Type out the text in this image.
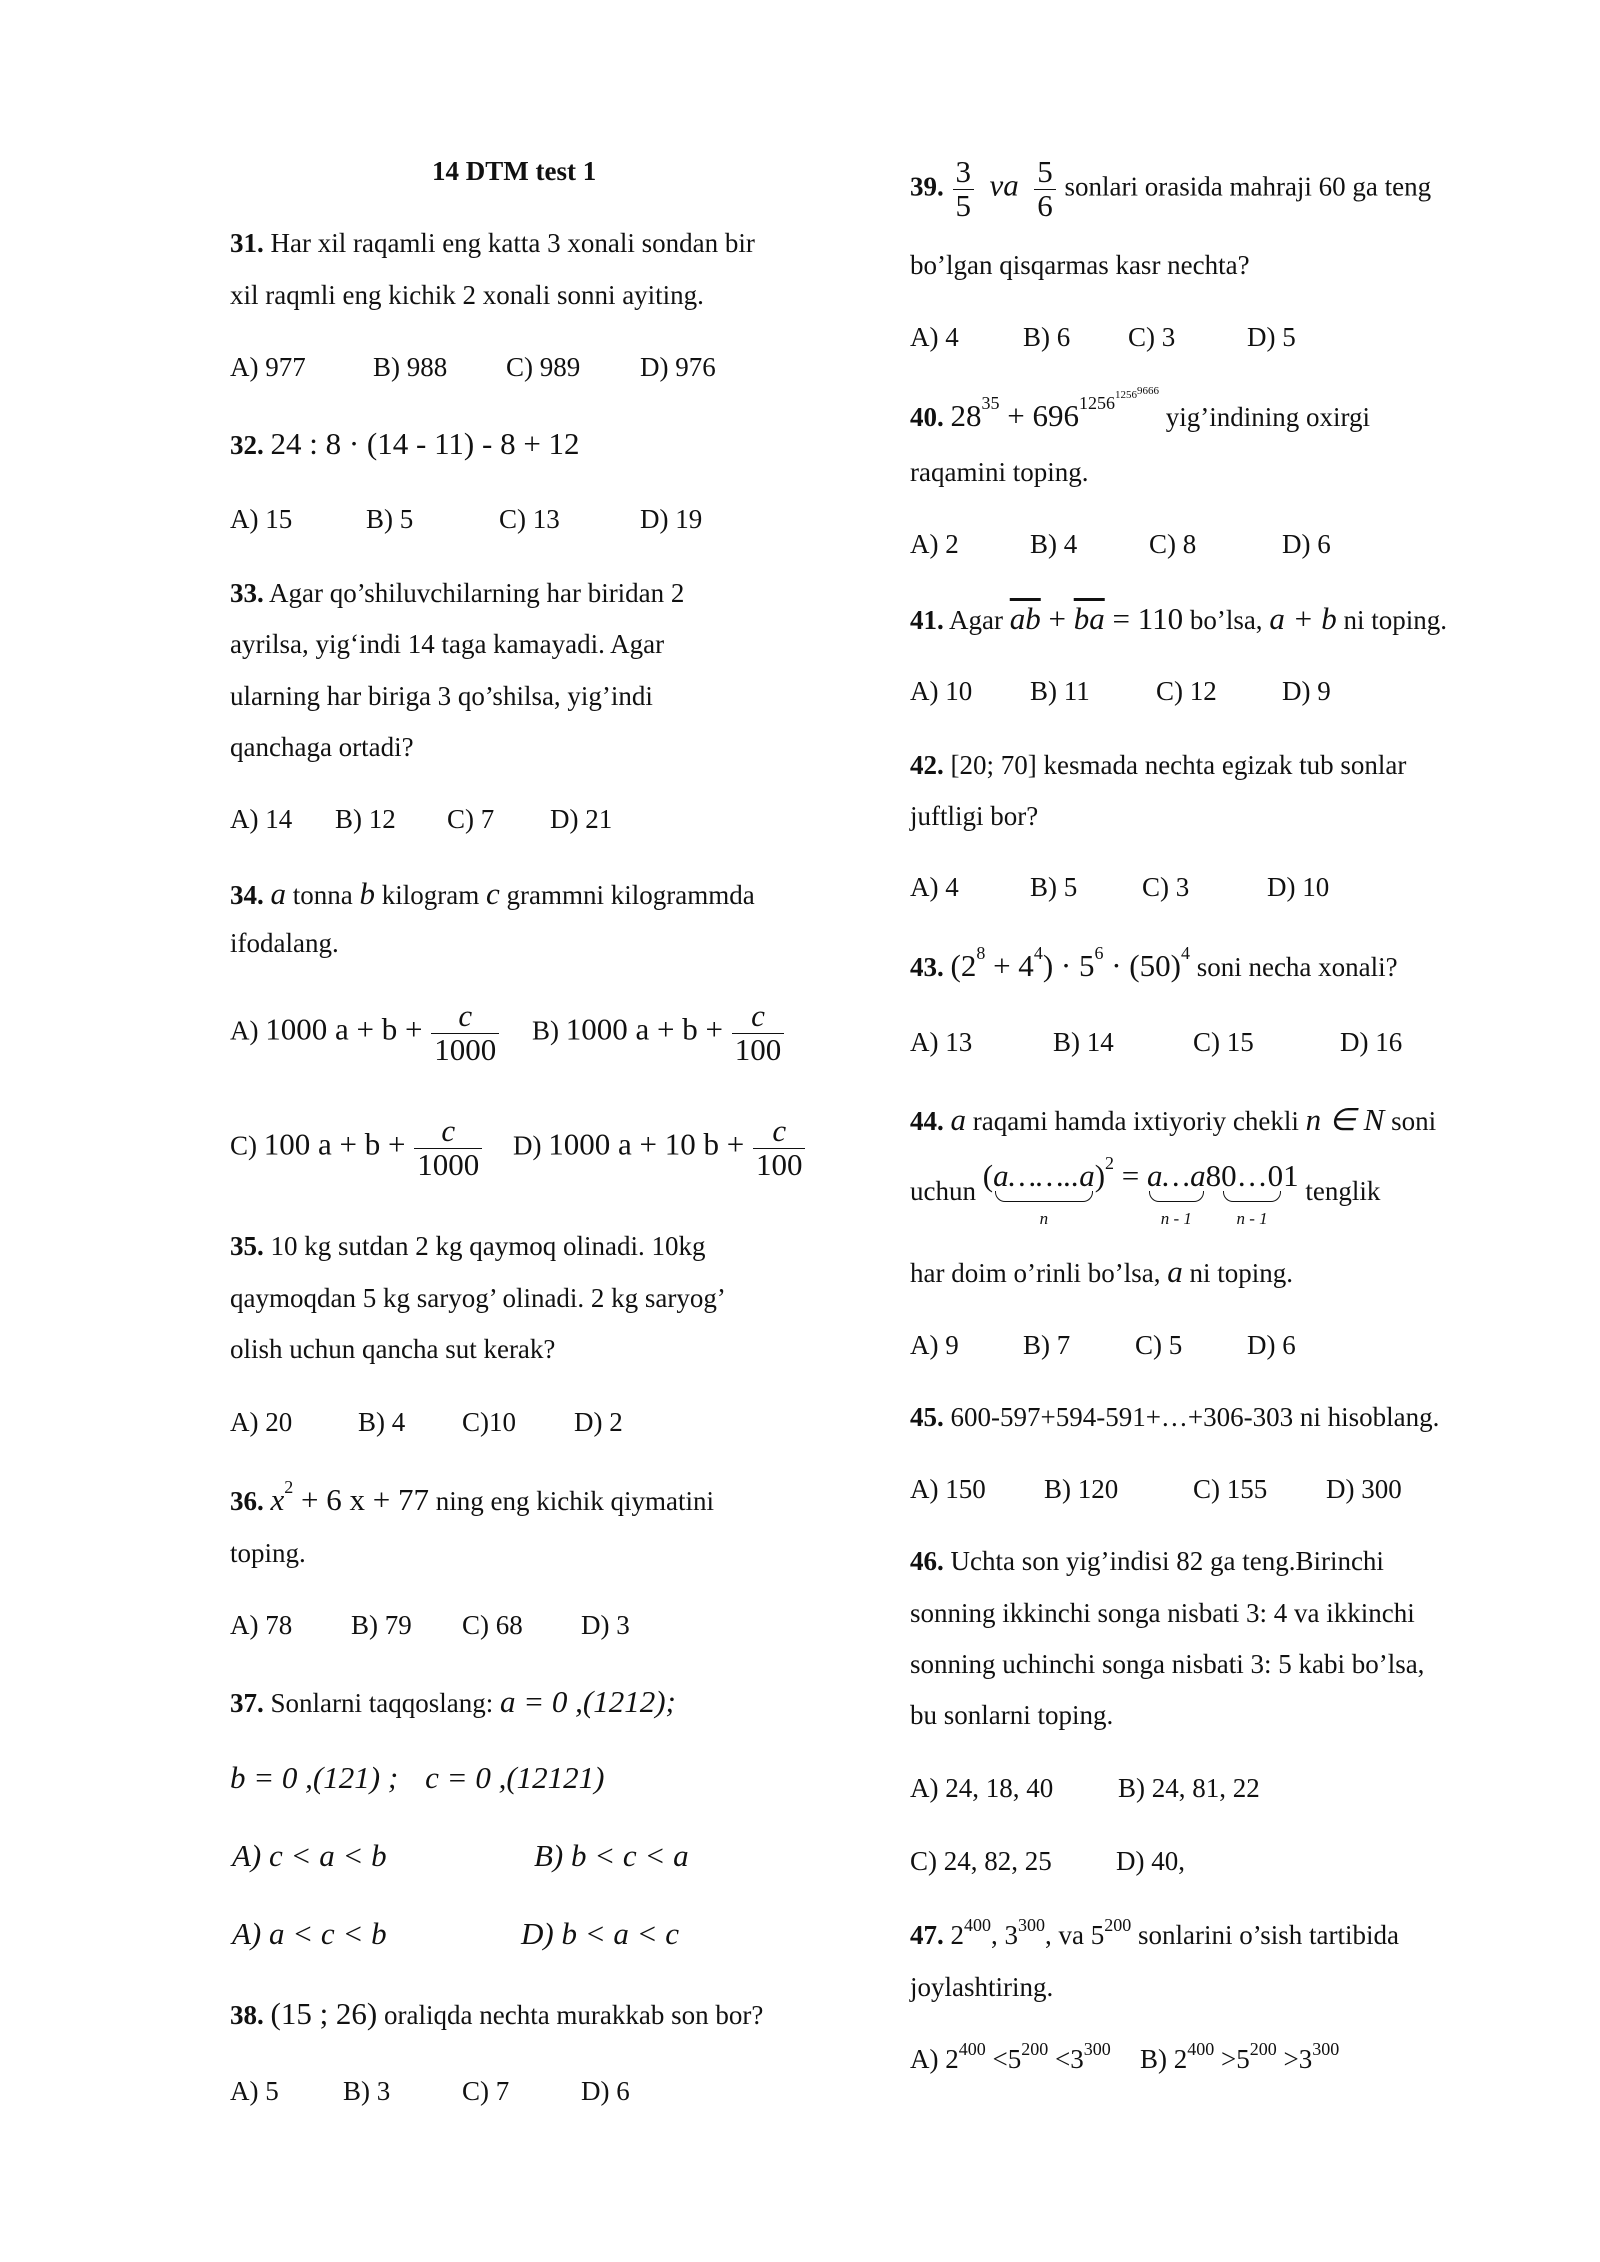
14 DTM test 1
31. Har xil raqamli eng katta 3 xonali sondan bir
xil raqmli eng kichik 2 xonali sonni ayiting.
A) 977 B) 988 C) 989 D) 976
32. 24 : 8 · (14 - 11) - 8 + 12
A) 15	B) 5	C) 13	D) 19
33. Agar qo’shiluvchilarning har biridan 2
ayrilsa, yig‘indi 14 taga kamayadi. Agar
ularning har biriga 3 qo’shilsa, yig’indi
qanchaga ortadi?
A) 14 B) 12 C) 7 D) 21
34. a tonna b kilogram c grammni kilogrammda
ifodalang.
A) 1000 $a + b + \frac{c}{1000} B$) 1000 $a + b + \frac{c}{100}$
C) 100 $a + b + \frac{c}{1000} D$) 1000 a + 10 $b + \frac{c}{100}$
35. 10 kg sutdan 2 kg qaymoq olinadi. 10kg
qaymoqdan 5 kg saryog’ olinadi. 2 kg saryog’
olish uchun qancha sut kerak?
A) 20 B) 4 C)10 D) 2
36. $x^2 + 6$ x + 77 ning eng kichik qiymatini
toping.
A) 78 B) 79 C) 68 D) 3
37. Sonlarni taqqoslang: a = 0 ,(1212);
b = 0 ,(121) ; c = 0 ,(12121)
A) c < a < b	B) b < c < a
A) a < c < b	D) b < a < c
38. (15 ; 26) oraliqda nechta murakkab son bor?
A) 5 B) 3	C) 7	D) 6
39. $\frac{3}{5}$ va $\frac{5}{6}$ sonlari orasida mahraji 60 ga teng
bo’lgan qisqarmas kasr nechta?
A) 4 B) 6 C) 3	D) 5
40. $28^{35} + 696^{1256^{1256^{9666}}}$ yig’indining oxirgi
raqamini toping.
A) 2	B) 4	C) 8	D) 6
41. Agar $\overline{ab} + \overline{ba} = 110$ bo’lsa, a + b ni toping.
A) 10 B) 11 C) 12 D) 9
42. [20; 70] kesmada nechta egizak tub sonlar
juftligi bor?
A) 4	B) 5 C) 3	D) 10
43. $(2^8 + 4^4) \cdot 5^6 \cdot (50)^4$ soni necha xonali?
A) 13	B) 14	C) 15	D) 16
44. a raqami hamda ixtiyoriy chekli n ∈ N soni
uchun ( a……..a
n
)$^2$ = a…a
n - 1
8 0…0
n - 1
1 tenglik
har doim o’rinli bo’lsa, a ni toping.
A) 9 B) 7 C) 5 D) 6
45. 600-597+594-591+…+306-303 ni hisoblang.
A) 150 B) 120	C) 155 D) 300
46. Uchta son yig’indisi 82 ga teng.Birinchi
sonning ikkinchi songa nisbati 3: 4 va ikkinchi
sonning uchinchi songa nisbati 3: 5 kabi bo’lsa,
bu sonlarni toping.
A) 24, 18, 40 B) 24, 81, 22
C) 24, 82, 25 D) 40,
47. $2^{400}$, $3^{300}$, va $5^{200}$ sonlarini o’sish tartibida
joylashtiring.
A) $2^{400} <5^{200} <3^{300}$ B) $2^{400} >5^{200} >3^{300}$
